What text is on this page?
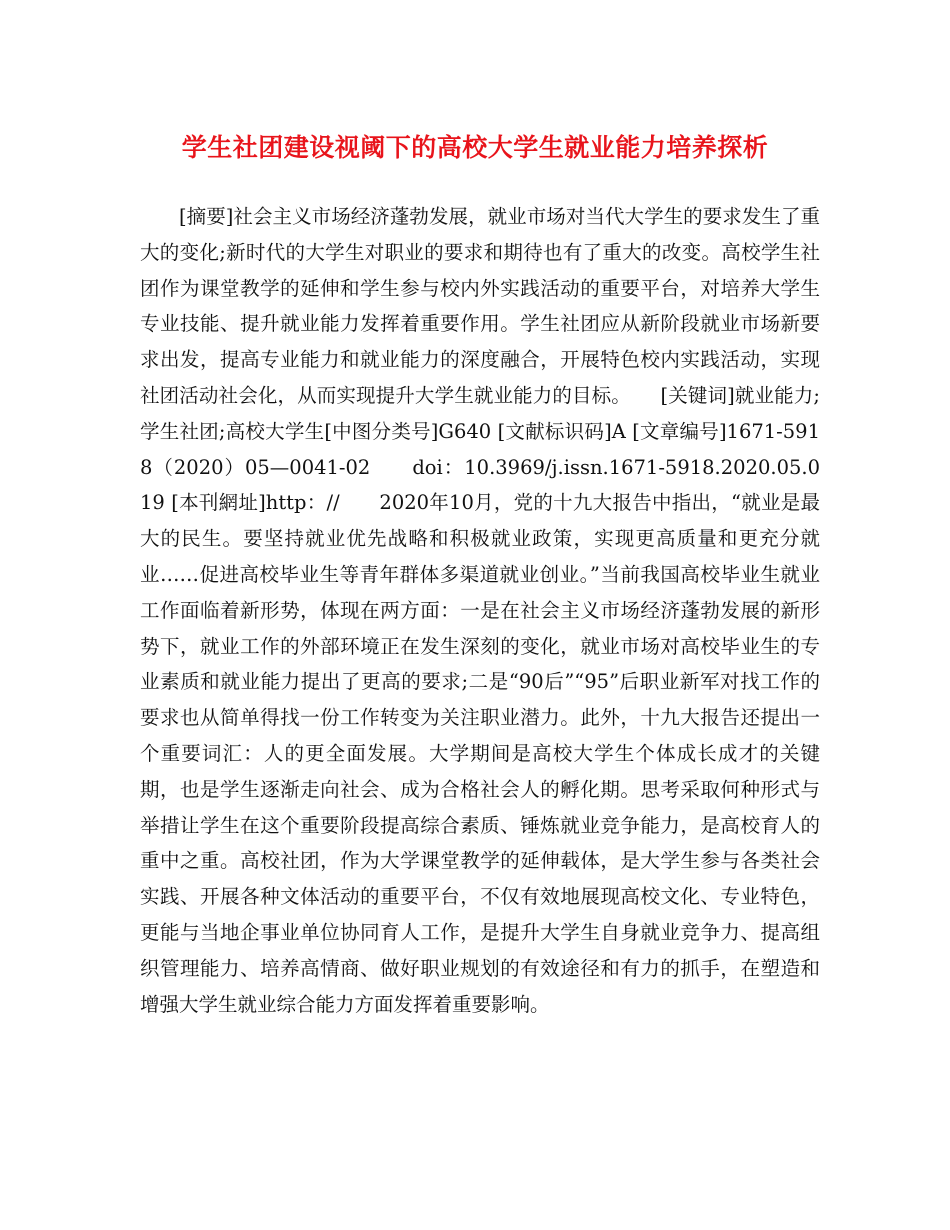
学生社团建设视阈下的高校大学生就业能力培养探析

[摘要]社会主义市场经济蓬勃发展，就业市场对当代大学生的要求发生了重大的变化;新时代的大学生对职业的要求和期待也有了重大的改变。高校学生社团作为课堂教学的延伸和学生参与校内外实践活动的重要平台，对培养大学生专业技能、提升就业能力发挥着重要作用。学生社团应从新阶段就业市场新要求出发，提高专业能力和就业能力的深度融合，开展特色校内实践活动，实现社团活动社会化，从而实现提升大学生就业能力的目标。　　[关键词]就业能力;学生社团;高校大学生[中图分类号]G640 [文献标识码]A [文章编号]1671-5918（2020）05—0041-02　　doi：10.3969/j.issn.1671-5918.2020.05.019 [本刊網址]http：//　　2020年10月，党的十九大报告中指出，“就业是最大的民生。要坚持就业优先战略和积极就业政策，实现更高质量和更充分就业……促进高校毕业生等青年群体多渠道就业创业。”当前我国高校毕业生就业工作面临着新形势，体现在两方面：一是在社会主义市场经济蓬勃发展的新形势下，就业工作的外部环境正在发生深刻的变化，就业市场对高校毕业生的专业素质和就业能力提出了更高的要求;二是“90后”“95”后职业新军对找工作的要求也从简单得找一份工作转变为关注职业潜力。此外，十九大报告还提出一个重要词汇：人的更全面发展。大学期间是高校大学生个体成长成才的关键期，也是学生逐渐走向社会、成为合格社会人的孵化期。思考采取何种形式与举措让学生在这个重要阶段提高综合素质、锤炼就业竞争能力，是高校育人的重中之重。高校社团，作为大学课堂教学的延伸载体，是大学生参与各类社会实践、开展各种文体活动的重要平台，不仅有效地展现高校文化、专业特色，更能与当地企事业单位协同育人工作，是提升大学生自身就业竞争力、提高组织管理能力、培养高情商、做好职业规划的有效途径和有力的抓手，在塑造和增强大学生就业综合能力方面发挥着重要影响。
